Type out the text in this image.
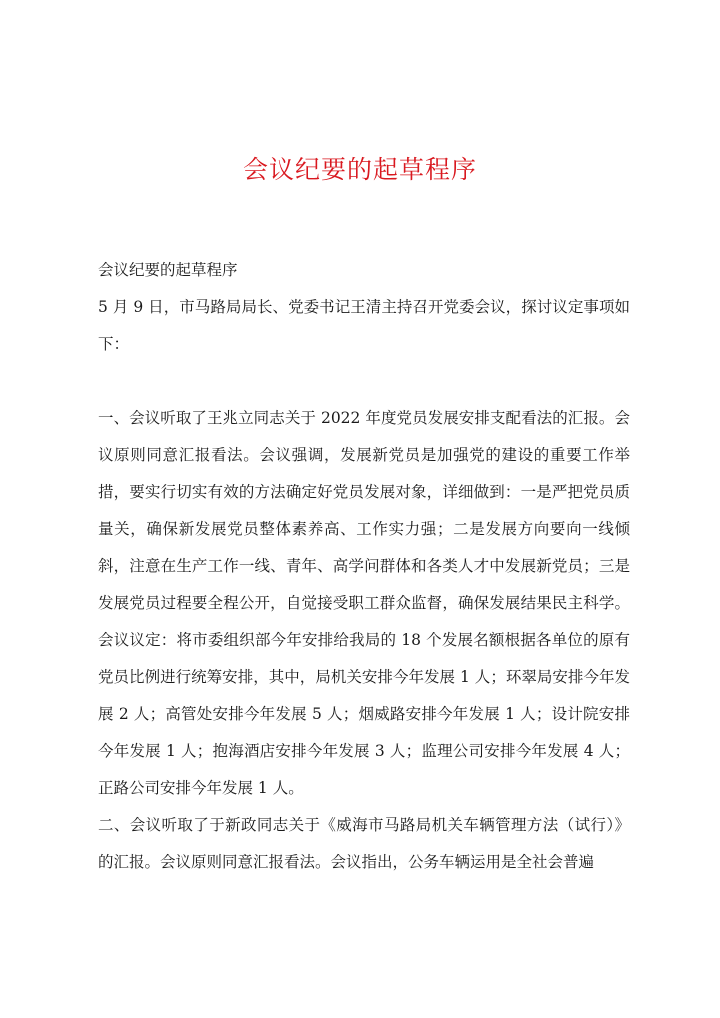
会议纪要的起草程序

会议纪要的起草程序

5 月 9 日，市马路局局长、党委书记王清主持召开党委会议，探讨议定事项如下：

一、会议听取了王兆立同志关于 2022 年度党员发展安排支配看法的汇报。会议原则同意汇报看法。会议强调，发展新党员是加强党的建设的重要工作举措，要实行切实有效的方法确定好党员发展对象，详细做到：一是严把党员质量关，确保新发展党员整体素养高、工作实力强；二是发展方向要向一线倾斜，注意在生产工作一线、青年、高学问群体和各类人才中发展新党员；三是发展党员过程要全程公开，自觉接受职工群众监督，确保发展结果民主科学。会议议定：将市委组织部今年安排给我局的 18 个发展名额根据各单位的原有党员比例进行统筹安排，其中，局机关安排今年发展 1 人；环翠局安排今年发展 2 人；高管处安排今年发展 5 人；烟威路安排今年发展 1 人；设计院安排今年发展 1 人；抱海酒店安排今年发展 3 人；监理公司安排今年发展 4 人；正路公司安排今年发展 1 人。

二、会议听取了于新政同志关于《威海市马路局机关车辆管理方法（试行）》的汇报。会议原则同意汇报看法。会议指出，公务车辆运用是全社会普遍
